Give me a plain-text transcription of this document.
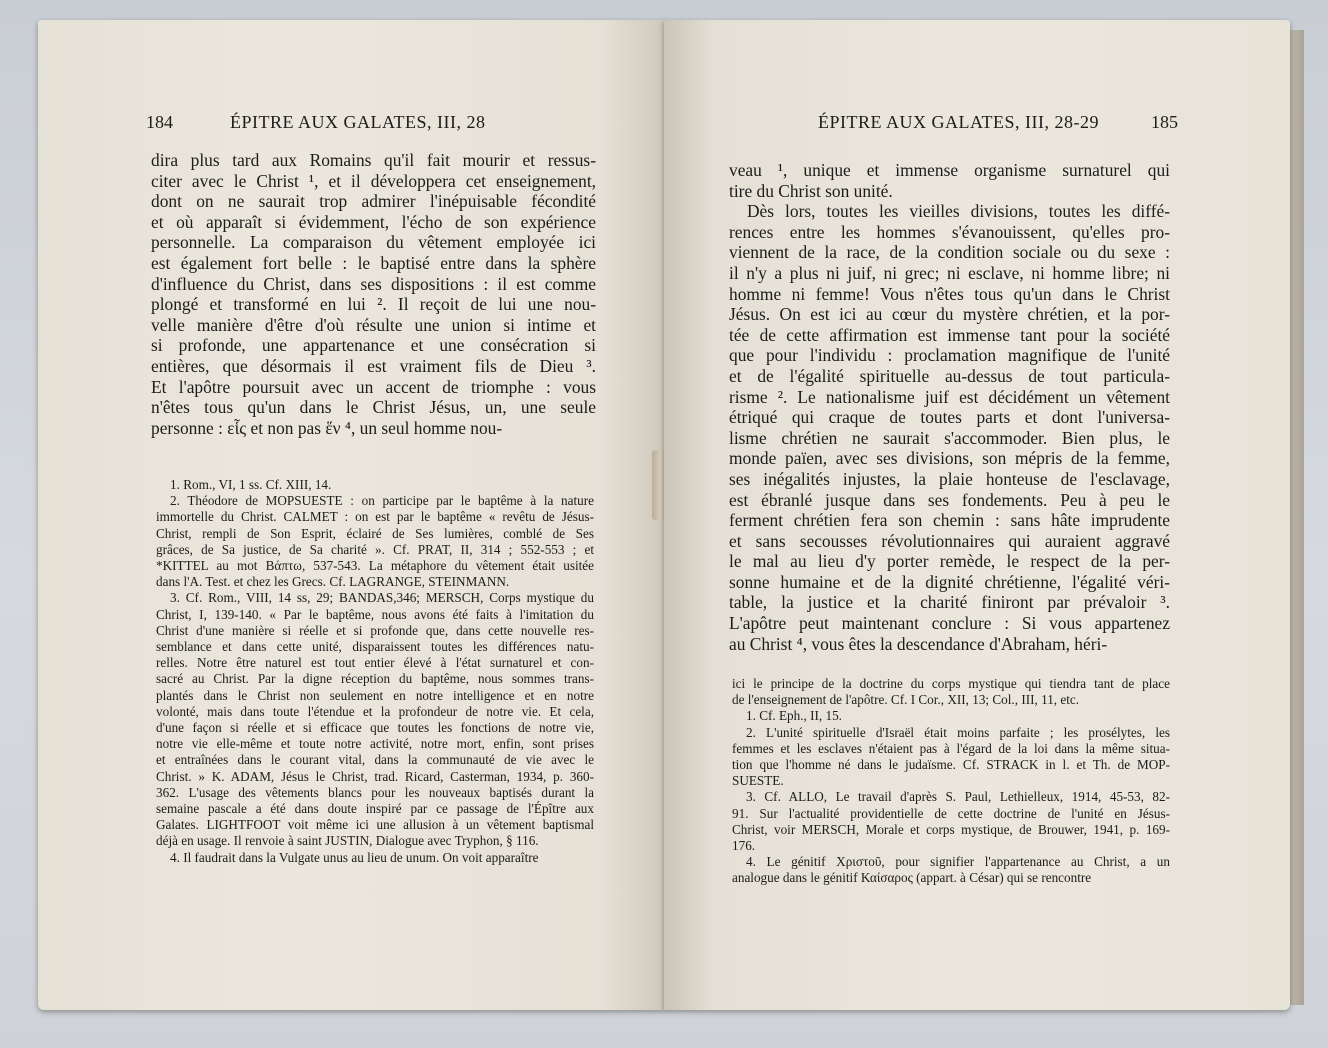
184	ÉPITRE AUX GALATES, III, 28
dira plus tard aux Romains qu'il fait mourir et ressus-
citer avec le Christ ¹, et il développera cet enseignement,
dont on ne saurait trop admirer l'inépuisable fécondité
et où apparaît si évidemment, l'écho de son expérience
personnelle. La comparaison du vêtement employée ici
est également fort belle : le baptisé entre dans la sphère
d'influence du Christ, dans ses dispositions : il est comme
plongé et transformé en lui ². Il reçoit de lui une nou-
velle manière d'être d'où résulte une union si intime et
si profonde, une appartenance et une consécration si
entières, que désormais il est vraiment fils de Dieu ³.
Et l'apôtre poursuit avec un accent de triomphe : vous
n'êtes tous qu'un dans le Christ Jésus, un, une seule
personne : εἷς et non pas ἕν ⁴, un seul homme nou-
1. Rom., VI, 1 ss. Cf. XIII, 14.
2. Théodore de MOPSUESTE : on participe par le baptême à la nature
immortelle du Christ. CALMET : on est par le baptême « revêtu de Jésus-
Christ, rempli de Son Esprit, éclairé de Ses lumières, comblé de Ses
grâces, de Sa justice, de Sa charité ». Cf. PRAT, II, 314 ; 552-553 ; et
*KITTEL au mot Βάπτω, 537-543. La métaphore du vêtement était usitée
dans l'A. Test. et chez les Grecs. Cf. LAGRANGE, STEINMANN.
3. Cf. Rom., VIII, 14 ss, 29; BANDAS,346; MERSCH, Corps mystique du
Christ, I, 139-140. « Par le baptême, nous avons été faits à l'imitation du
Christ d'une manière si réelle et si profonde que, dans cette nouvelle res-
semblance et dans cette unité, disparaissent toutes les différences natu-
relles. Notre être naturel est tout entier élevé à l'état surnaturel et con-
sacré au Christ. Par la digne réception du baptême, nous sommes trans-
plantés dans le Christ non seulement en notre intelligence et en notre
volonté, mais dans toute l'étendue et la profondeur de notre vie. Et cela,
d'une façon si réelle et si efficace que toutes les fonctions de notre vie,
notre vie elle-même et toute notre activité, notre mort, enfin, sont prises
et entraînées dans le courant vital, dans la communauté de vie avec le
Christ. » K. ADAM, Jésus le Christ, trad. Ricard, Casterman, 1934, p. 360-
362. L'usage des vêtements blancs pour les nouveaux baptisés durant la
semaine pascale a été dans doute inspiré par ce passage de l'Épître aux
Galates. LIGHTFOOT voit même ici une allusion à un vêtement baptismal
déjà en usage. Il renvoie à saint JUSTIN, Dialogue avec Tryphon, § 116.
4. Il faudrait dans la Vulgate unus au lieu de unum. On voit apparaître
ÉPITRE AUX GALATES, III, 28-29	185
veau ¹, unique et immense organisme surnaturel qui
tire du Christ son unité.
Dès lors, toutes les vieilles divisions, toutes les diffé-
rences entre les hommes s'évanouissent, qu'elles pro-
viennent de la race, de la condition sociale ou du sexe :
il n'y a plus ni juif, ni grec; ni esclave, ni homme libre; ni
homme ni femme! Vous n'êtes tous qu'un dans le Christ
Jésus. On est ici au cœur du mystère chrétien, et la por-
tée de cette affirmation est immense tant pour la société
que pour l'individu : proclamation magnifique de l'unité
et de l'égalité spirituelle au-dessus de tout particula-
risme ². Le nationalisme juif est décidément un vêtement
étriqué qui craque de toutes parts et dont l'universa-
lisme chrétien ne saurait s'accommoder. Bien plus, le
monde païen, avec ses divisions, son mépris de la femme,
ses inégalités injustes, la plaie honteuse de l'esclavage,
est ébranlé jusque dans ses fondements. Peu à peu le
ferment chrétien fera son chemin : sans hâte imprudente
et sans secousses révolutionnaires qui auraient aggravé
le mal au lieu d'y porter remède, le respect de la per-
sonne humaine et de la dignité chrétienne, l'égalité véri-
table, la justice et la charité finiront par prévaloir ³.
L'apôtre peut maintenant conclure : Si vous appartenez
au Christ ⁴, vous êtes la descendance d'Abraham, héri-
ici le principe de la doctrine du corps mystique qui tiendra tant de place
de l'enseignement de l'apôtre. Cf. I Cor., XII, 13; Col., III, 11, etc.
1. Cf. Eph., II, 15.
2. L'unité spirituelle d'Israël était moins parfaite ; les prosélytes, les
femmes et les esclaves n'étaient pas à l'égard de la loi dans la même situa-
tion que l'homme né dans le judaïsme. Cf. STRACK in l. et Th. de MOP-
SUESTE.
3. Cf. ALLO, Le travail d'après S. Paul, Lethielleux, 1914, 45-53, 82-
91. Sur l'actualité providentielle de cette doctrine de l'unité en Jésus-
Christ, voir MERSCH, Morale et corps mystique, de Brouwer, 1941, p. 169-
176.
4. Le génitif Χριστοῦ, pour signifier l'appartenance au Christ, a un
analogue dans le génitif Καίσαρος (appart. à César) qui se rencontre
